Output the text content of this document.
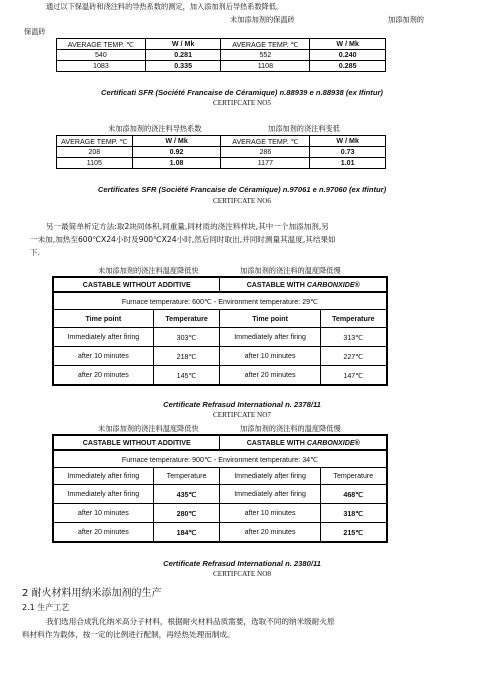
通过以下保温砖和浇注料的导热系数的测定，加入添加剂后导热系数降低。
未加添加剂的保温砖	加添加剂的
保温砖
AVERAGE TEMP. ℃	W / Mk	AVERAGE TEMP. ℃	W / Mk
540	0.281	552	0.240
1083	0.335	1108	0.285
Certificati SFR (Société Francaise de Céramique) n.88939 e n.88938 (ex Ifintur)
CERTIFCATE NO5
未加添加剂的浇注料导热系数	加添加剂的浇注料变低
AVERAGE TEMP. ℃	W / Mk	AVERAGE TEMP. ℃	W / Mk
208	0.92	286	0.73
1105	1.08	1177	1.01
Certificates SFR (Société Francaise de Céramique) n.97061 e n.97060 (ex Ifintur)
CERTIFCATE NO6
另一最简单析定方法:取2块同体积,同重量,同材质的浇注料样块,其中一个加添加剂,另
一未加,加热至600℃X24小时及900℃X24小时,然后同时取出,并同时测量其温度,其结果如
下.
未加添加剂的浇注料温度降低快	加添加剂的浇注料的温度降低慢
CASTABLE WITHOUT ADDITIVE		CASTABLE WITH CARBONXIDE®	
Furnace temperature: 600℃ - Environment temperature: 29℃			
Time point	Temperature	Time point	Temperature
Immediately after firing	303℃	Immediately after firing	313℃
after 10 minutes	218℃	after 10 minutes	227℃
after 20 minutes	145℃	after 20 minutes	147℃
Certificate Refrasud International n. 2378/11
CERTIFCATE NO7
未加添加剂的浇注料温度降低快	加添加剂的浇注料的温度降低慢
CASTABLE WITHOUT ADDITIVE		CASTABLE WITH CARBONXIDE®	
Furnace temperature: 900℃ - Environment temperature: 34℃			
Immediately after firing	Temperature	Immediately after firing	Temperature
Immediately after firing	435℃	Immediately after firing	468℃
after 10 minutes	280℃	after 10 minutes	318℃
after 20 minutes	184℃	after 20 minutes	215℃
Certificate Refrasud International n. 2380/11
CERTIFCATE NO8
2 耐火材料用纳米添加剂的生产
2.1 生产工艺
我们选用合成乳化纳米高分子材料，根据耐火材料品质需要，选取不同的纳米级耐火原
料材料作为载体，按一定的比例进行配制，再经热处理而制成。
